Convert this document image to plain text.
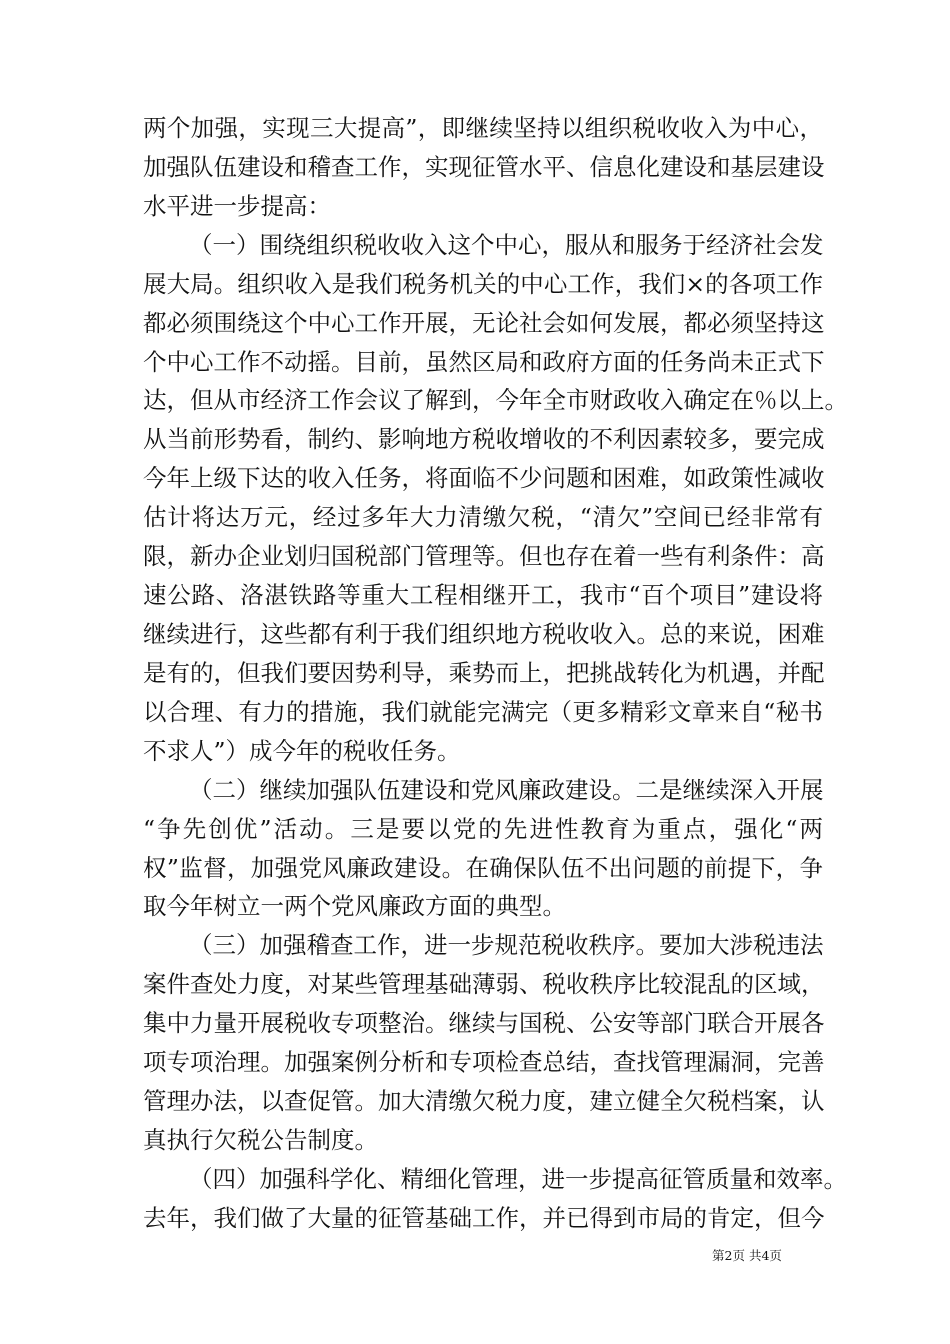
两个加强，实现三大提高”，即继续坚持以组织税收收入为中心，
加强队伍建设和稽查工作，实现征管水平、信息化建设和基层建设
水平进一步提高：
（一）围绕组织税收收入这个中心，服从和服务于经济社会发
展大局。组织收入是我们税务机关的中心工作，我们×的各项工作
都必须围绕这个中心工作开展，无论社会如何发展，都必须坚持这
个中心工作不动摇。目前，虽然区局和政府方面的任务尚未正式下
达，但从市经济工作会议了解到，今年全市财政收入确定在％以上。
从当前形势看，制约、影响地方税收增收的不利因素较多，要完成
今年上级下达的收入任务，将面临不少问题和困难，如政策性减收
估计将达万元，经过多年大力清缴欠税，“清欠”空间已经非常有
限，新办企业划归国税部门管理等。但也存在着一些有利条件：高
速公路、洛湛铁路等重大工程相继开工，我市“百个项目”建设将
继续进行，这些都有利于我们组织地方税收收入。总的来说，困难
是有的，但我们要因势利导，乘势而上，把挑战转化为机遇，并配
以合理、有力的措施，我们就能完满完（更多精彩文章来自“秘书
不求人”）成今年的税收任务。
（二）继续加强队伍建设和党风廉政建设。二是继续深入开展
“争先创优”活动。三是要以党的先进性教育为重点，强化“两
权”监督，加强党风廉政建设。在确保队伍不出问题的前提下，争
取今年树立一两个党风廉政方面的典型。
（三）加强稽查工作，进一步规范税收秩序。要加大涉税违法
案件查处力度，对某些管理基础薄弱、税收秩序比较混乱的区域，
集中力量开展税收专项整治。继续与国税、公安等部门联合开展各
项专项治理。加强案例分析和专项检查总结，查找管理漏洞，完善
管理办法，以查促管。加大清缴欠税力度，建立健全欠税档案，认
真执行欠税公告制度。
（四）加强科学化、精细化管理，进一步提高征管质量和效率。
去年，我们做了大量的征管基础工作，并已得到市局的肯定，但今
第2页 共4页
